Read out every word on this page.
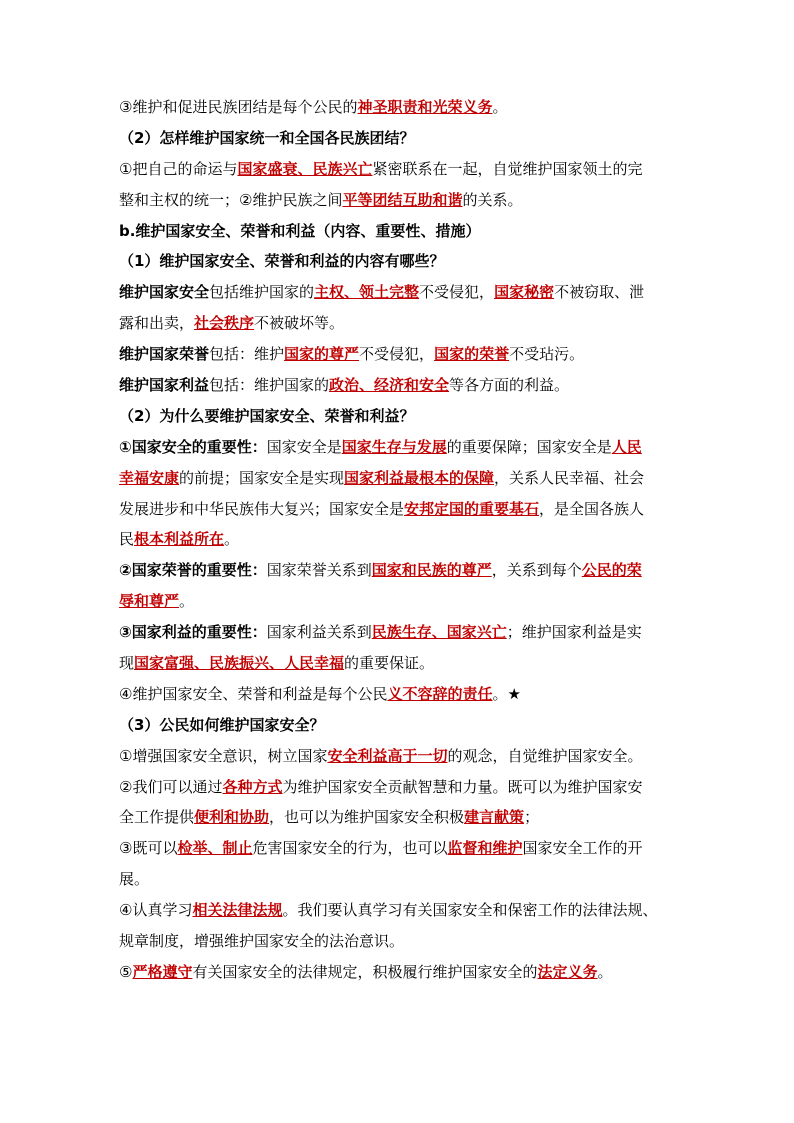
③维护和促进民族团结是每个公民的神圣职责和光荣义务。
（2）怎样维护国家统一和全国各民族团结？
①把自己的命运与国家盛衰、民族兴亡紧密联系在一起，自觉维护国家领土的完
整和主权的统一；②维护民族之间平等团结互助和谐的关系。
b.维护国家安全、荣誉和利益（内容、重要性、措施）
（1）维护国家安全、荣誉和利益的内容有哪些？
维护国家安全包括维护国家的主权、领土完整不受侵犯，国家秘密不被窃取、泄
露和出卖，社会秩序不被破坏等。
维护国家荣誉包括：维护国家的尊严不受侵犯，国家的荣誉不受玷污。
维护国家利益包括：维护国家的政治、经济和安全等各方面的利益。
（2）为什么要维护国家安全、荣誉和利益？
①国家安全的重要性：国家安全是国家生存与发展的重要保障；国家安全是人民
幸福安康的前提；国家安全是实现国家利益最根本的保障，关系人民幸福、社会
发展进步和中华民族伟大复兴；国家安全是安邦定国的重要基石，是全国各族人
民根本利益所在。
②国家荣誉的重要性：国家荣誉关系到国家和民族的尊严，关系到每个公民的荣
辱和尊严。
③国家利益的重要性：国家利益关系到民族生存、国家兴亡；维护国家利益是实
现国家富强、民族振兴、人民幸福的重要保证。
④维护国家安全、荣誉和利益是每个公民义不容辞的责任。★
（3）公民如何维护国家安全？
①增强国家安全意识，树立国家安全利益高于一切的观念，自觉维护国家安全。
②我们可以通过各种方式为维护国家安全贡献智慧和力量。既可以为维护国家安
全工作提供便利和协助，也可以为维护国家安全积极建言献策；
③既可以检举、制止危害国家安全的行为，也可以监督和维护国家安全工作的开
展。
④认真学习相关法律法规。我们要认真学习有关国家安全和保密工作的法律法规、
规章制度，增强维护国家安全的法治意识。
⑤严格遵守有关国家安全的法律规定，积极履行维护国家安全的法定义务。
